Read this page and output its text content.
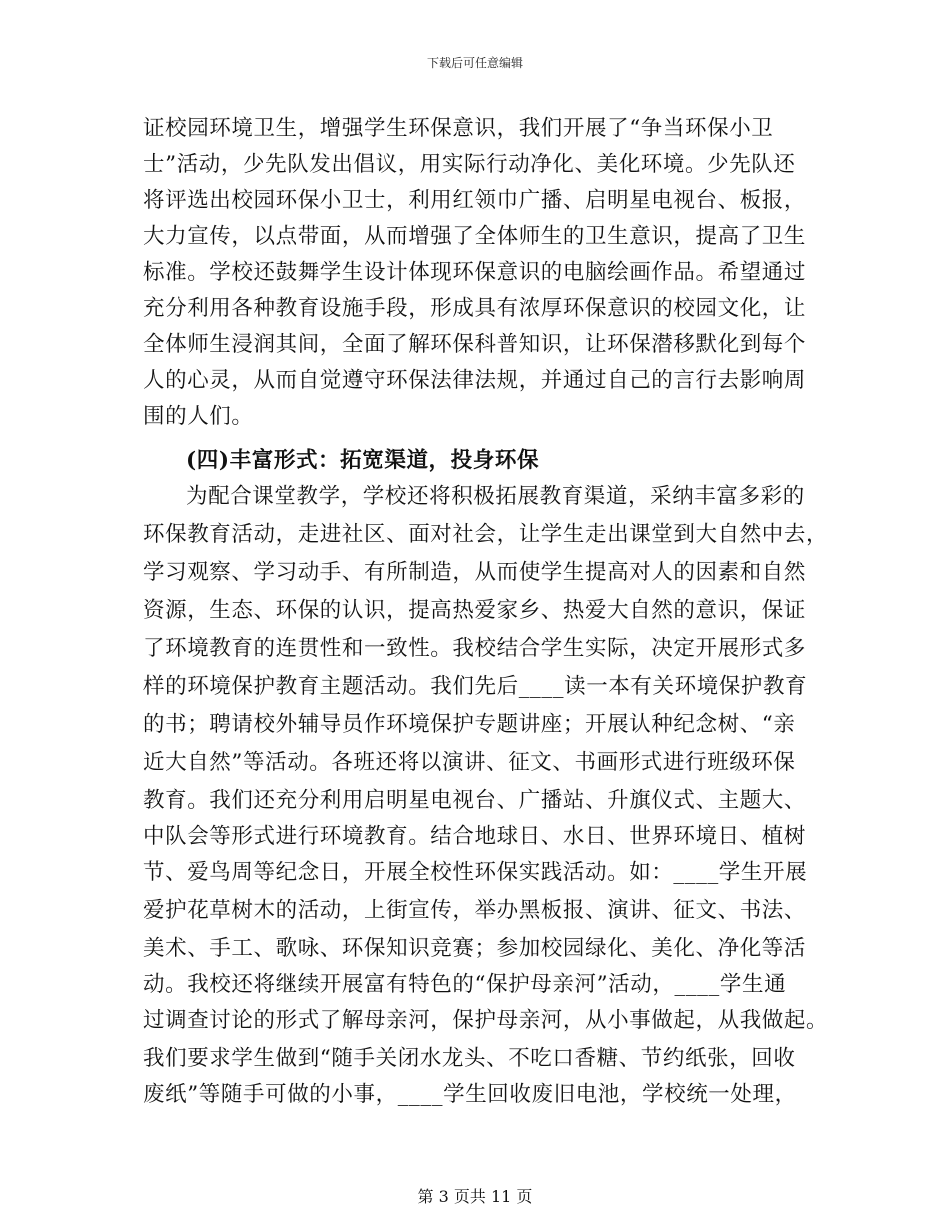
下载后可任意编辑
证校园环境卫生，增强学生环保意识，我们开展了“争当环保小卫
士”活动，少先队发出倡议，用实际行动净化、美化环境。少先队还
将评选出校园环保小卫士，利用红领巾广播、启明星电视台、板报，
大力宣传，以点带面，从而增强了全体师生的卫生意识，提高了卫生
标准。学校还鼓舞学生设计体现环保意识的电脑绘画作品。希望通过
充分利用各种教育设施手段，形成具有浓厚环保意识的校园文化，让
全体师生浸润其间，全面了解环保科普知识，让环保潜移默化到每个
人的心灵，从而自觉遵守环保法律法规，并通过自己的言行去影响周
围的人们。
(四)丰富形式：拓宽渠道，投身环保
为配合课堂教学，学校还将积极拓展教育渠道，采纳丰富多彩的
环保教育活动，走进社区、面对社会，让学生走出课堂到大自然中去，
学习观察、学习动手、有所制造，从而使学生提高对人的因素和自然
资源，生态、环保的认识，提高热爱家乡、热爱大自然的意识，保证
了环境教育的连贯性和一致性。我校结合学生实际，决定开展形式多
样的环境保护教育主题活动。我们先后____读一本有关环境保护教育
的书；聘请校外辅导员作环境保护专题讲座；开展认种纪念树、“亲
近大自然”等活动。各班还将以演讲、征文、书画形式进行班级环保
教育。我们还充分利用启明星电视台、广播站、升旗仪式、主题大、
中队会等形式进行环境教育。结合地球日、水日、世界环境日、植树
节、爱鸟周等纪念日，开展全校性环保实践活动。如：____学生开展
爱护花草树木的活动，上街宣传，举办黑板报、演讲、征文、书法、
美术、手工、歌咏、环保知识竞赛；参加校园绿化、美化、净化等活
动。我校还将继续开展富有特色的“保护母亲河”活动，____学生通
过调查讨论的形式了解母亲河，保护母亲河，从小事做起，从我做起。
我们要求学生做到“随手关闭水龙头、不吃口香糖、节约纸张，回收
废纸”等随手可做的小事，____学生回收废旧电池，学校统一处理，
第 3 页共 11 页
